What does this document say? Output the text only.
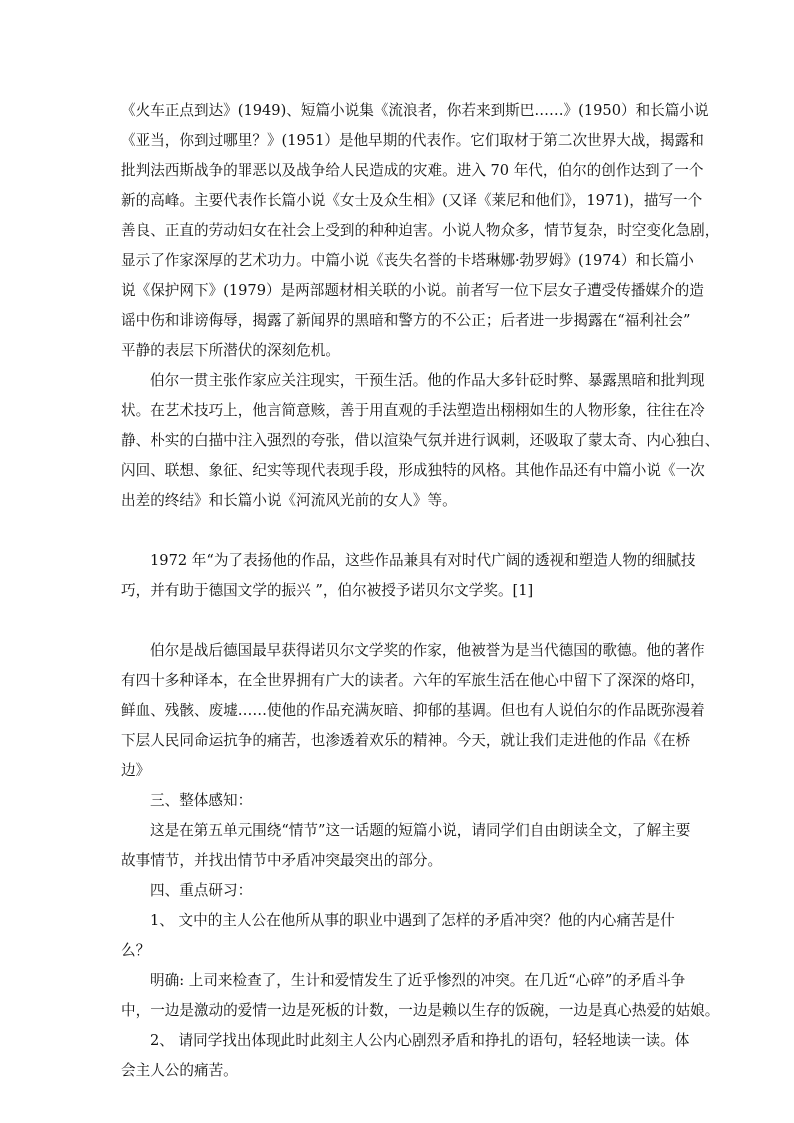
《火车正点到达》(1949)、短篇小说集《流浪者，你若来到斯巴……》(1950）和长篇小说
《亚当，你到过哪里？》(1951）是他早期的代表作。它们取材于第二次世界大战，揭露和
批判法西斯战争的罪恶以及战争给人民造成的灾难。进入 70 年代，伯尔的创作达到了一个
新的高峰。主要代表作长篇小说《女士及众生相》(又译《莱尼和他们》，1971)，描写一个
善良、正直的劳动妇女在社会上受到的种种迫害。小说人物众多，情节复杂，时空变化急剧，
显示了作家深厚的艺术功力。中篇小说《丧失名誉的卡塔琳娜·勃罗姆》(1974）和长篇小
说《保护网下》(1979）是两部题材相关联的小说。前者写一位下层女子遭受传播媒介的造
谣中伤和诽谤侮辱，揭露了新闻界的黑暗和警方的不公正；后者进一步揭露在“福利社会”
平静的表层下所潜伏的深刻危机。
伯尔一贯主张作家应关注现实，干预生活。他的作品大多针砭时弊、暴露黑暗和批判现
状。在艺术技巧上，他言简意赅，善于用直观的手法塑造出栩栩如生的人物形象，往往在冷
静、朴实的白描中注入强烈的夸张，借以渲染气氛并进行讽刺，还吸取了蒙太奇、内心独白、
闪回、联想、象征、纪实等现代表现手段，形成独特的风格。其他作品还有中篇小说《一次
出差的终结》和长篇小说《河流风光前的女人》等。
1972 年“为了表扬他的作品，这些作品兼具有对时代广阔的透视和塑造人物的细腻技
巧，并有助于德国文学的振兴 ”，伯尔被授予诺贝尔文学奖。[1]
伯尔是战后德国最早获得诺贝尔文学奖的作家，他被誉为是当代德国的歌德。他的著作
有四十多种译本，在全世界拥有广大的读者。六年的军旅生活在他心中留下了深深的烙印，
鲜血、残骸、废墟……使他的作品充满灰暗、抑郁的基调。但也有人说伯尔的作品既弥漫着
下层人民同命运抗争的痛苦，也渗透着欢乐的精神。今天，就让我们走进他的作品《在桥
边》
三、整体感知：
这是在第五单元围绕“情节”这一话题的短篇小说，请同学们自由朗读全文，了解主要
故事情节，并找出情节中矛盾冲突最突出的部分。
四、重点研习：
1、 文中的主人公在他所从事的职业中遇到了怎样的矛盾冲突？他的内心痛苦是什
么？
明确: 上司来检查了，生计和爱情发生了近乎惨烈的冲突。在几近“心碎”的矛盾斗争
中，一边是激动的爱情一边是死板的计数，一边是赖以生存的饭碗，一边是真心热爱的姑娘。
2、 请同学找出体现此时此刻主人公内心剧烈矛盾和挣扎的语句，轻轻地读一读。体
会主人公的痛苦。
